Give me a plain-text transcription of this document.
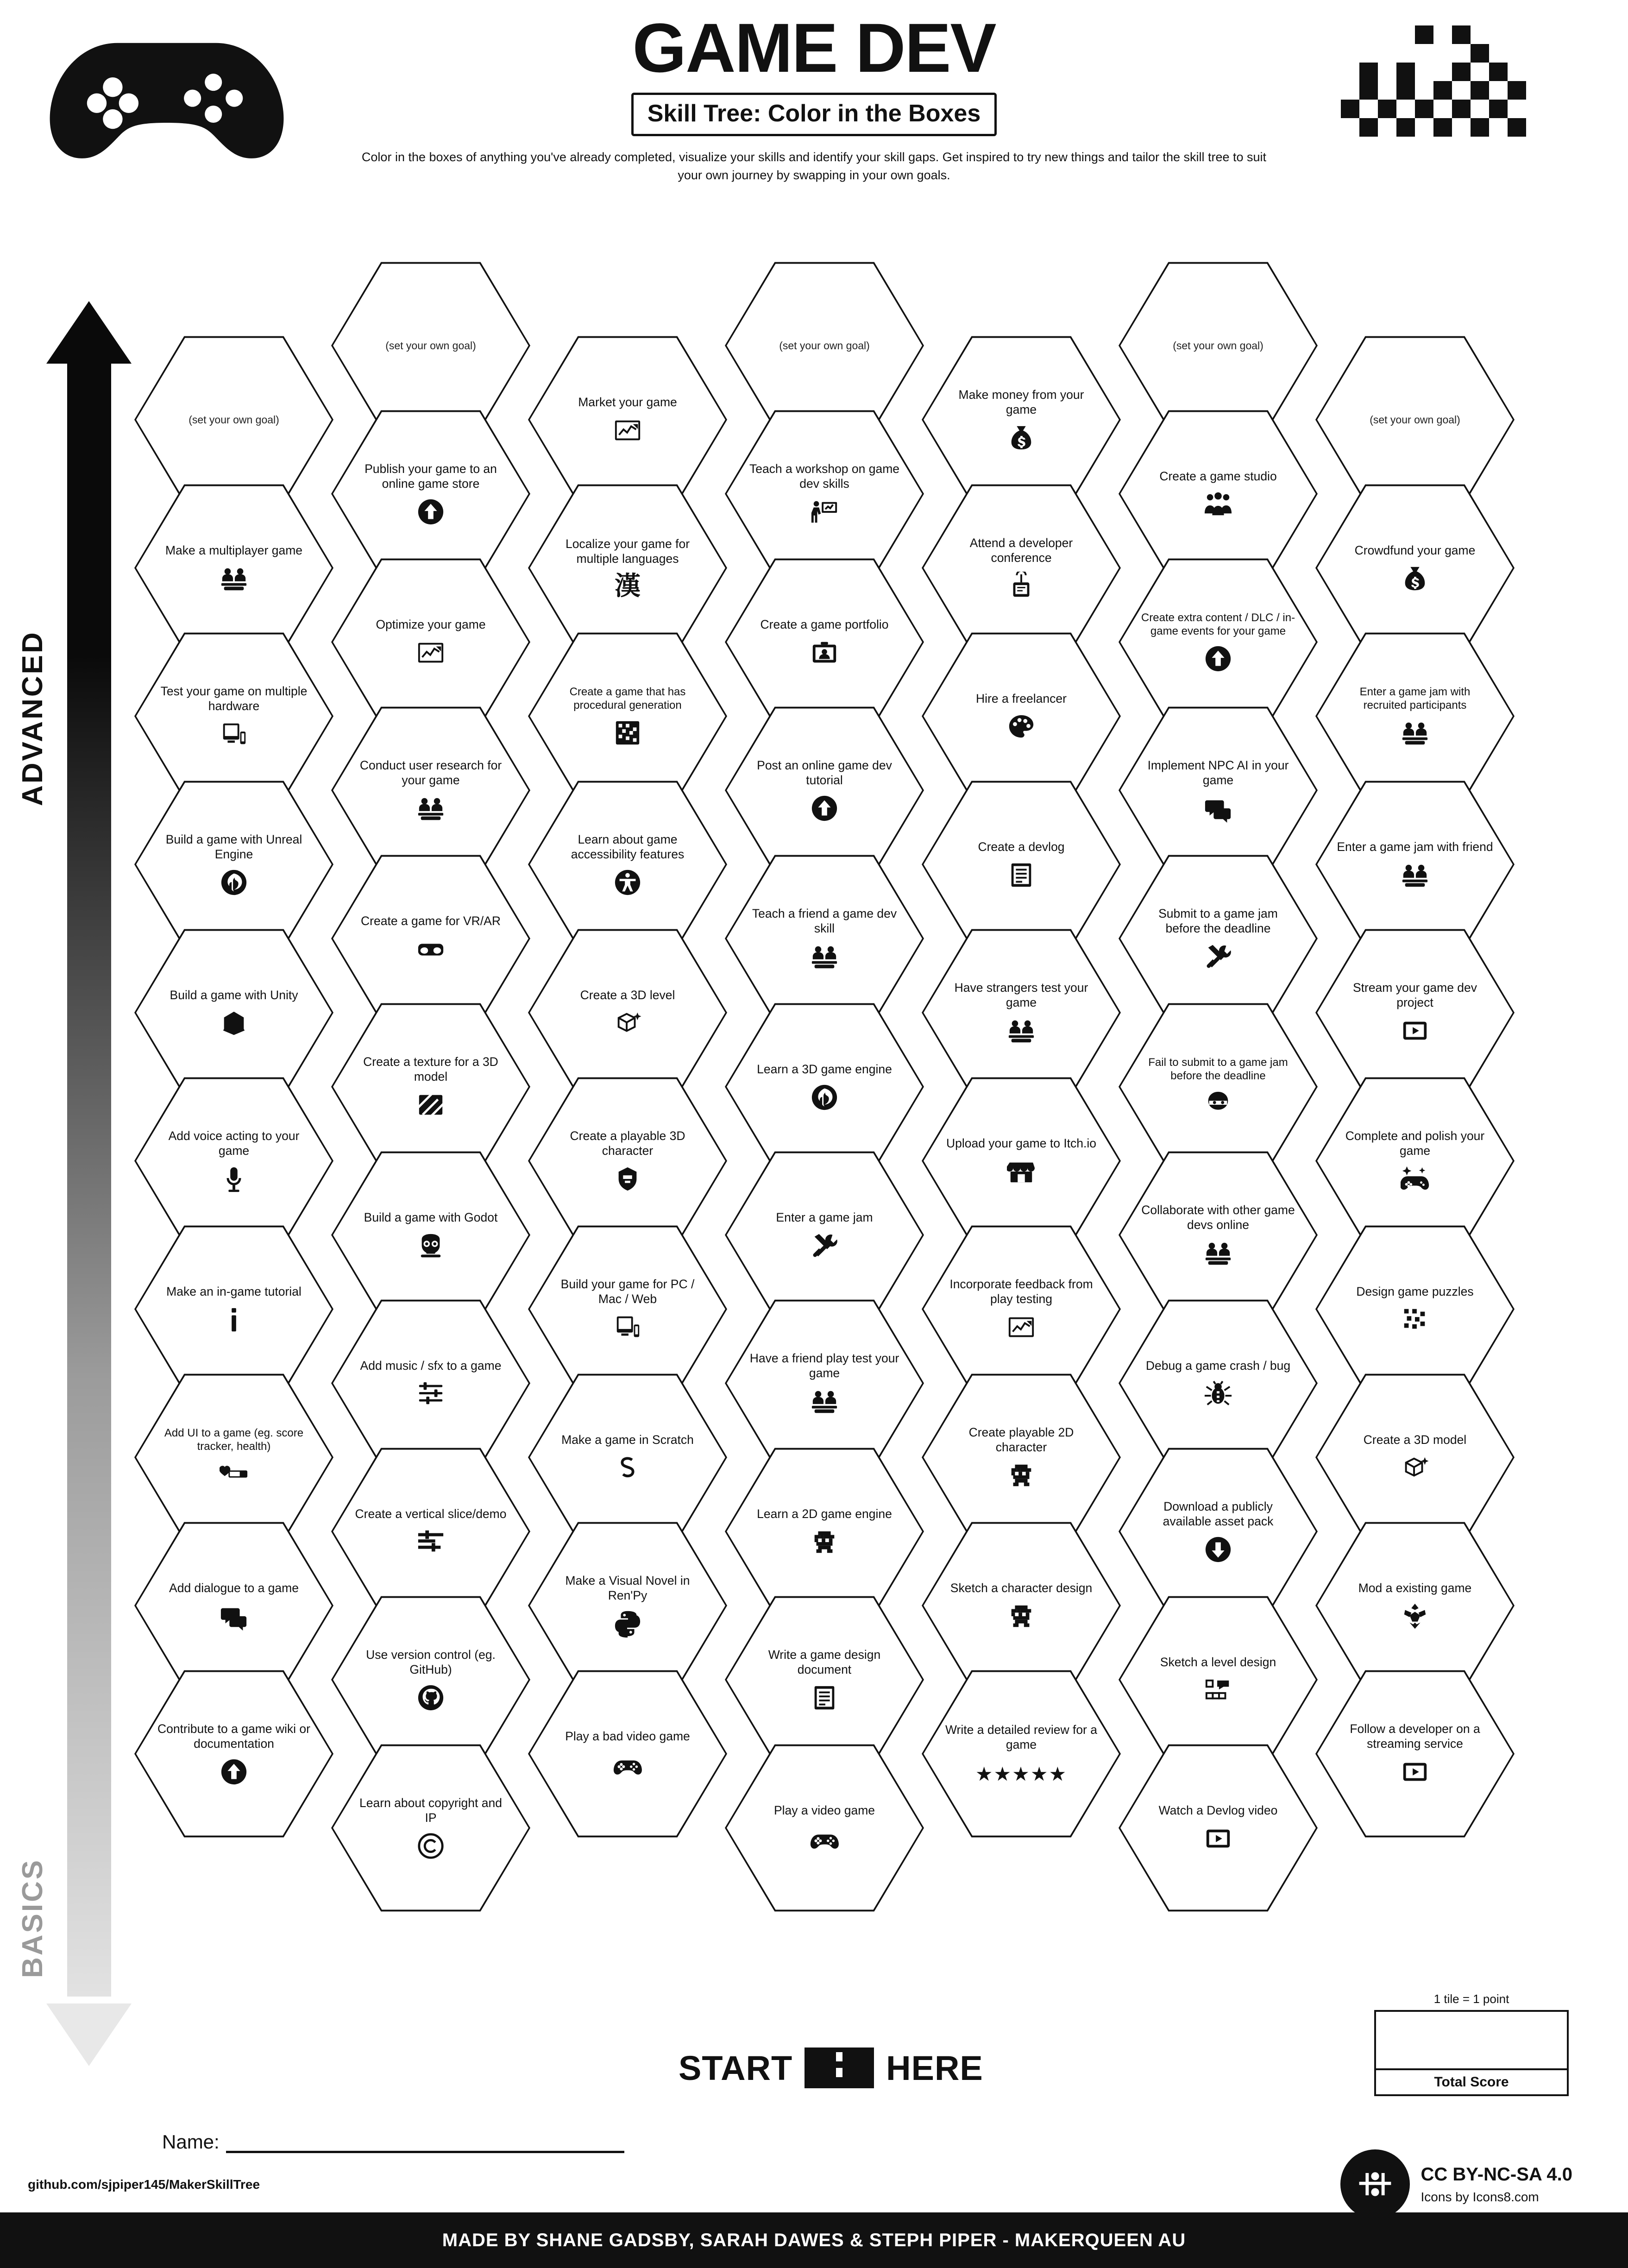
GAME DEV
Skill Tree: Color in the Boxes
Color in the boxes of anything you've already completed, visualize your skills and identify your skill gaps. Get inspired to try new things and tailor the skill tree to suit your own journey by swapping in your own goals.
ADVANCED
BASICS
(set your own goal)
Make a multiplayer game
Test your game on multiple hardware
Build a game with Unreal Engine
Build a game with Unity
Add voice acting to your game
Make an in-game tutorial
Add UI to a game (eg. score tracker, health)
Add dialogue to a game
Contribute to a game wiki or documentation
(set your own goal)
Publish your game to an online game store
Optimize your game
Conduct user research for your game
Create a game for VR/AR
Create a texture for a 3D model
Build a game with Godot
Add music / sfx to a game
Create a vertical slice/demo
Use version control (eg. GitHub)
Learn about copyright and IP
Market your game
Localize your game for multiple languages
漢
Create a game that has procedural generation
Learn about game accessibility features
Create a 3D level
Create a playable 3D character
Build your game for PC / Mac / Web
Make a game in Scratch
Make a Visual Novel in Ren'Py
Play a bad video game
(set your own goal)
Teach a workshop on game dev skills
Create a game portfolio
Post an online game dev tutorial
Teach a friend a game dev skill
Learn a 3D game engine
Enter a game jam
Have a friend play test your game
Learn a 2D game engine
Write a game design document
Play a video game
Make money from your game
Attend a developer conference
Hire a freelancer
Create a devlog
Have strangers test your game
Upload your game to Itch.io
Incorporate feedback from play testing
Create playable 2D character
Sketch a character design
Write a detailed review for a game
★★★★★
(set your own goal)
Create a game studio
Create extra content / DLC / in-game events for your game
Implement NPC AI in your game
Submit to a game jam before the deadline
Fail to submit to a game jam before the deadline
Collaborate with other game devs online
Debug a game crash / bug
Download a publicly available asset pack
Sketch a level design
Watch a Devlog video
(set your own goal)
Crowdfund your game
Enter a game jam with recruited participants
Enter a game jam with friend
Stream your game dev project
Complete and polish your game
Design game puzzles
Create a 3D model
Mod a existing game
Follow a developer on a streaming service
START	HERE
1 tile = 1 point
Total Score
Name:
github.com/sjpiper145/MakerSkillTree	CC BY-NC-SA 4.0
Icons by Icons8.com
MADE BY SHANE GADSBY, SARAH DAWES & STEPH PIPER - MAKERQUEEN AU
